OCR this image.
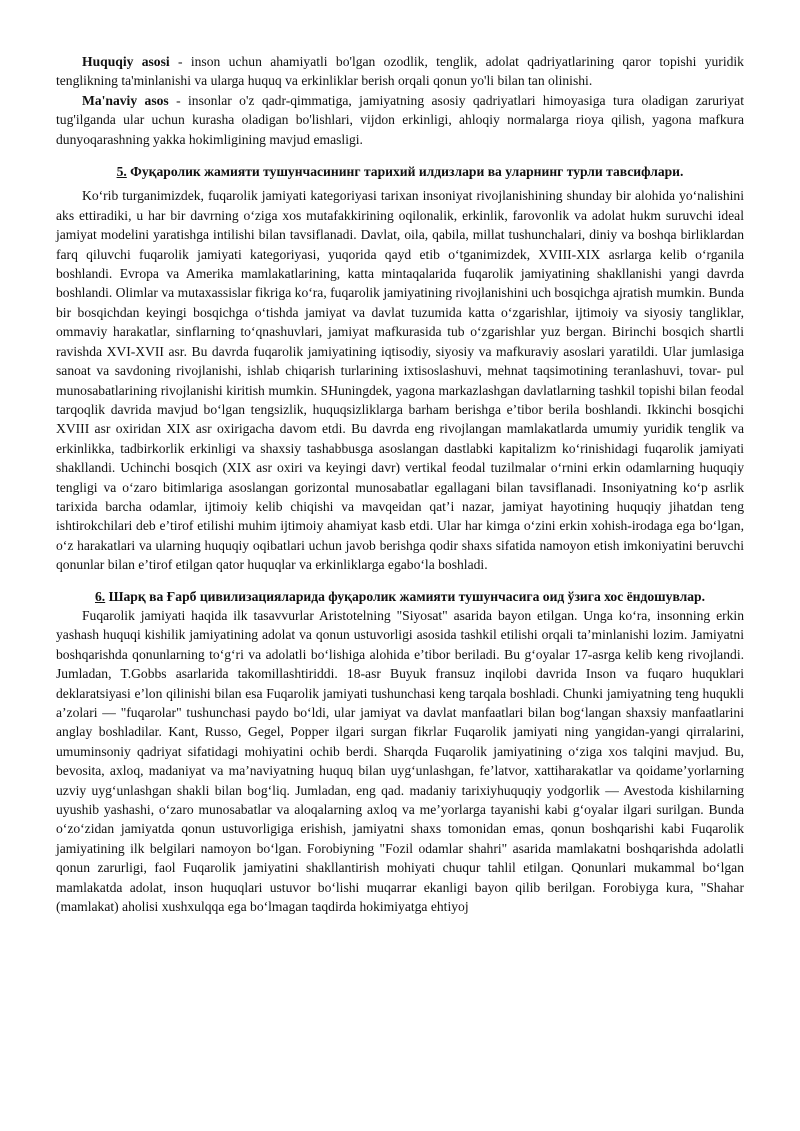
Huquqiy asosi - inson uchun ahamiyatli bo'lgan ozodlik, tenglik, adolat qadriyatlarining qaror topishi yuridik tenglikning ta'minlanishi va ularga huquq va erkinliklar berish orqali qonun yo'li bilan tan olinishi.

Ma'naviy asos - insonlar o'z qadr-qimmatiga, jamiyatning asosiy qadriyatlari himoyasiga tura oladigan zaruriyat tug'ilganda ular uchun kurasha oladigan bo'lishlari, vijdon erkinligi, ahloqiy normalarga rioya qilish, yagona mafkura dunyoqarashning yakka hokimligining mavjud emasligi.

5. Фуқаролик жамияти тушунчасининг тарихий илдизлари ва уларнинг турли тавсифлари.

Koʻrib turganimizdek, fuqarolik jamiyati kategoriyasi tarixan insoniyat rivojlanishining shunday bir alohida yoʻnalishini aks ettiradiki, u har bir davrning oʻziga xos mutafakkirining oqilonalik, erkinlik, farovonlik va adolat hukm suruvchi ideal jamiyat modelini yaratishga intilishi bilan tavsiflanadi. Davlat, oila, qabila, millat tushunchalari, diniy va boshqa birliklardan farq qiluvchi fuqarolik jamiyati kategoriyasi, yuqorida qayd etib oʻtganimizdek, XVIII-XIX asrlarga kelib oʻrganila boshlandi. Evropa va Amerika mamlakatlarining, katta mintaqalarida fuqarolik jamiyatining shakllanishi yangi davrda boshlandi. Olimlar va mutaxassislar fikriga koʻra, fuqarolik jamiyatining rivojlanishini uch bosqichga ajratish mumkin. Bunda bir bosqichdan keyingi bosqichga oʻtishda jamiyat va davlat tuzumida katta oʻzgarishlar, ijtimoiy va siyosiy tangliklar, ommaviy harakatlar, sinflarning toʻqnashuvlari, jamiyat mafkurasida tub oʻzgarishlar yuz bergan. Birinchi bosqich shartli ravishda XVI-XVII asr. Bu davrda fuqarolik jamiyatining iqtisodiy, siyosiy va mafkuraviy asoslari yaratildi. Ular jumlasiga sanoat va savdoning rivojlanishi, ishlab chiqarish turlarining ixtisoslashuvi, mehnat taqsimotining teranlashuvi, tovar- pul munosabatlarining rivojlanishi kiritish mumkin. SHuningdek, yagona markazlashgan davlatlarning tashkil topishi bilan feodal tarqoqlik davrida mavjud boʻlgan tengsizlik, huquqsizliklarga barham berishga eʼtibor berila boshlandi. Ikkinchi bosqichi XVIII asr oxiridan XIX asr oxirigacha davom etdi. Bu davrda eng rivojlangan mamlakatlarda umumiy yuridik tenglik va erkinlikka, tadbirkorlik erkinligi va shaxsiy tashabbusga asoslangan dastlabki kapitalizm koʻrinishidagi fuqarolik jamiyati shakllandi. Uchinchi bosqich (XIX asr oxiri va keyingi davr) vertikal feodal tuzilmalar oʻrnini erkin odamlarning huquqiy tengligi va oʻzaro bitimlariga asoslangan gorizontal munosabatlar egallagani bilan tavsiflanadi. Insoniyatning koʻp asrlik tarixida barcha odamlar, ijtimoiy kelib chiqishi va mavqeidan qatʼi nazar, jamiyat hayotining huquqiy jihatdan teng ishtirokchilari deb eʼtirof etilishi muhim ijtimoiy ahamiyat kasb etdi. Ular har kimga oʻzini erkin xohish-irodaga ega boʻlgan, oʻz harakatlari va ularning huquqiy oqibatlari uchun javob berishga qodir shaxs sifatida namoyon etish imkoniyatini beruvchi qonunlar bilan eʼtirof etilgan qator huquqlar va erkinliklarga egaboʻla boshladi.

6. Шарқ ва Ғарб цивилизацияларида фуқаролик жамияти тушунчасига оид ўзига хос ёндошувлар.

Fuqarolik jamiyati haqida ilk tasavvurlar Aristotelning "Siyosat" asarida bayon etilgan. Unga koʻra, insonning erkin yashash huquqi kishilik jamiyatining adolat va qonun ustuvorligi asosida tashkil etilishi orqali taʼminlanishi lozim. Jamiyatni boshqarishda qonunlarning toʻgʻri va adolatli boʻlishiga alohida eʼtibor beriladi. Bu gʻoyalar 17-asrga kelib keng rivojlandi. Jumladan, T.Gobbs asarlarida takomillashtiriddi. 18-asr Buyuk fransuz inqilobi davrida Inson va fuqaro huquklari deklaratsiyasi eʼlon qilinishi bilan esa Fuqarolik jamiyati tushunchasi keng tarqala boshladi. Chunki jamiyatning teng huqukli aʼzolari — "fuqarolar" tushunchasi paydo boʻldi, ular jamiyat va davlat manfaatlari bilan bogʻlangan shaxsiy manfaatlarini anglay boshladilar. Kant, Russo, Gegel, Popper ilgari surgan fikrlar Fuqarolik jamiyati ning yangidan-yangi qirralarini, umuminsoniy qadriyat sifatidagi mohiyatini ochib berdi. Sharqda Fuqarolik jamiyatining oʻziga xos talqini mavjud. Bu, bevosita, axloq, madaniyat va maʼnaviyatning huquq bilan uygʻunlashgan, feʼlatvor, xattiharakatlar va qoidameʼyorlarning uzviy uygʻunlashgan shakli bilan bogʻliq. Jumladan, eng qad. madaniy tarixiyhuquqiy yodgorlik — Avestoda kishilarning uyushib yashashi, oʻzaro munosabatlar va aloqalarning axloq va meʼyorlarga tayanishi kabi gʻoyalar ilgari surilgan. Bunda oʻzoʻzidan jamiyatda qonun ustuvorligiga erishish, jamiyatni shaxs tomonidan emas, qonun boshqarishi kabi Fuqarolik jamiyatining ilk belgilari namoyon boʻlgan. Forobiyning "Fozil odamlar shahri" asarida mamlakatni boshqarishda adolatli qonun zarurligi, faol Fuqarolik jamiyatini shakllantirish mohiyati chuqur tahlil etilgan. Qonunlari mukammal boʻlgan mamlakatda adolat, inson huquqlari ustuvor boʻlishi muqarrar ekanligi bayon qilib berilgan. Forobiyga kura, "Shahar (mamlakat) aholisi xushxulqqa ega boʻlmagan taqdirda hokimiyatga ehtiyoj
